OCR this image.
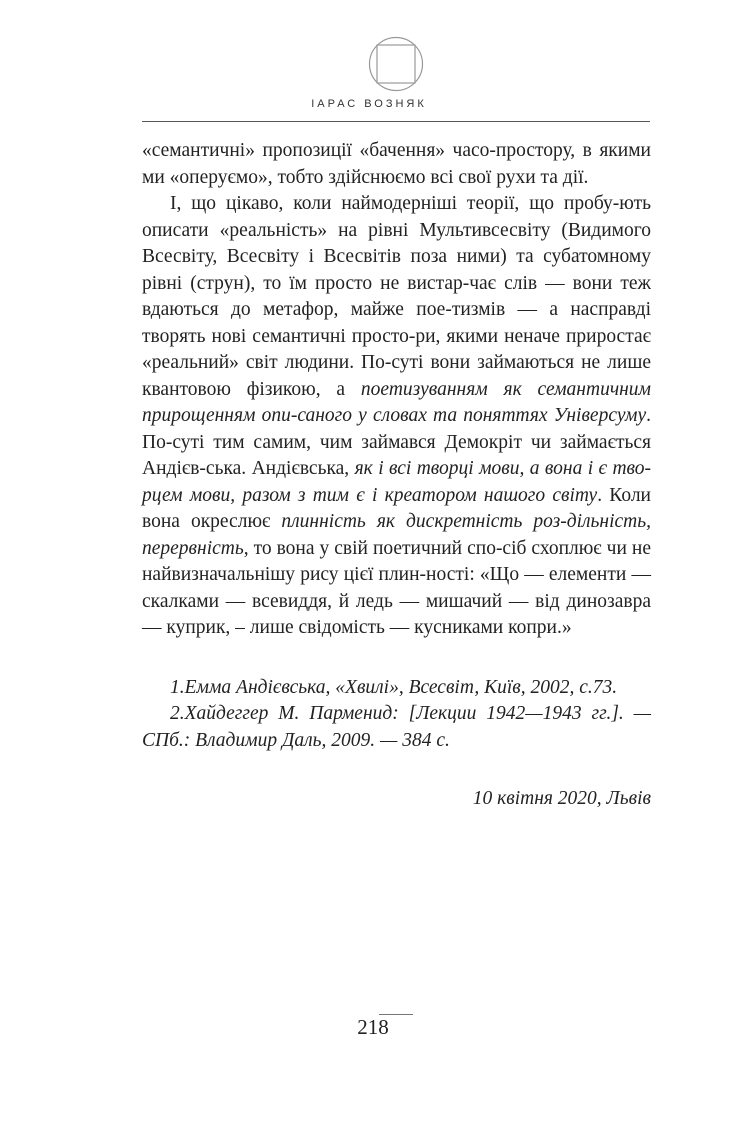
ІАРАС ВОЗНЯК

«семантичні» пропозиції «бачення» часо-простору, в якими ми «оперуємо», тобто здійснюємо всі свої рухи та дії.

І, що цікаво, коли наймодерніші теорії, що пробу-ють описати «реальність» на рівні Мультивсесвіту (Видимого Всесвіту, Всесвіту і Всесвітів поза ними) та субатомному рівні (струн), то їм просто не вистар-чає слів — вони теж вдаються до метафор, майже пое-тизмів — а насправді творять нові семантичні просто-ри, якими неначе приростає «реальний» світ людини. По-суті вони займаються не лише квантовою фізикою, а поетизуванням як семантичним прирощенням опи-саного у словах та поняттях Універсуму. По-суті тим самим, чим займався Демокріт чи займається Андієв-ська. Андієвська, як і всі творці мови, а вона і є тво-рцем мови, разом з тим є і креатором нашого світу. Коли вона окреслює плинність як дискретність роз-дільність, перервність, то вона у свій поетичний спо-сіб схоплює чи не найвизначальнішу рису цієї плин-ності: «Що — елементи — скалками — всевиддя, й ледь — мишачий — від динозавра — куприк, – лише свідомість — кусниками копри.»

1.Емма Андієвська, «Хвилі», Всесвіт, Київ, 2002, с.73.

2.Хайдеггер М. Парменид: [Лекции 1942—1943 гг.]. — СПб.: Владимир Даль, 2009. — 384 с.

10 квітня 2020, Львів

218
